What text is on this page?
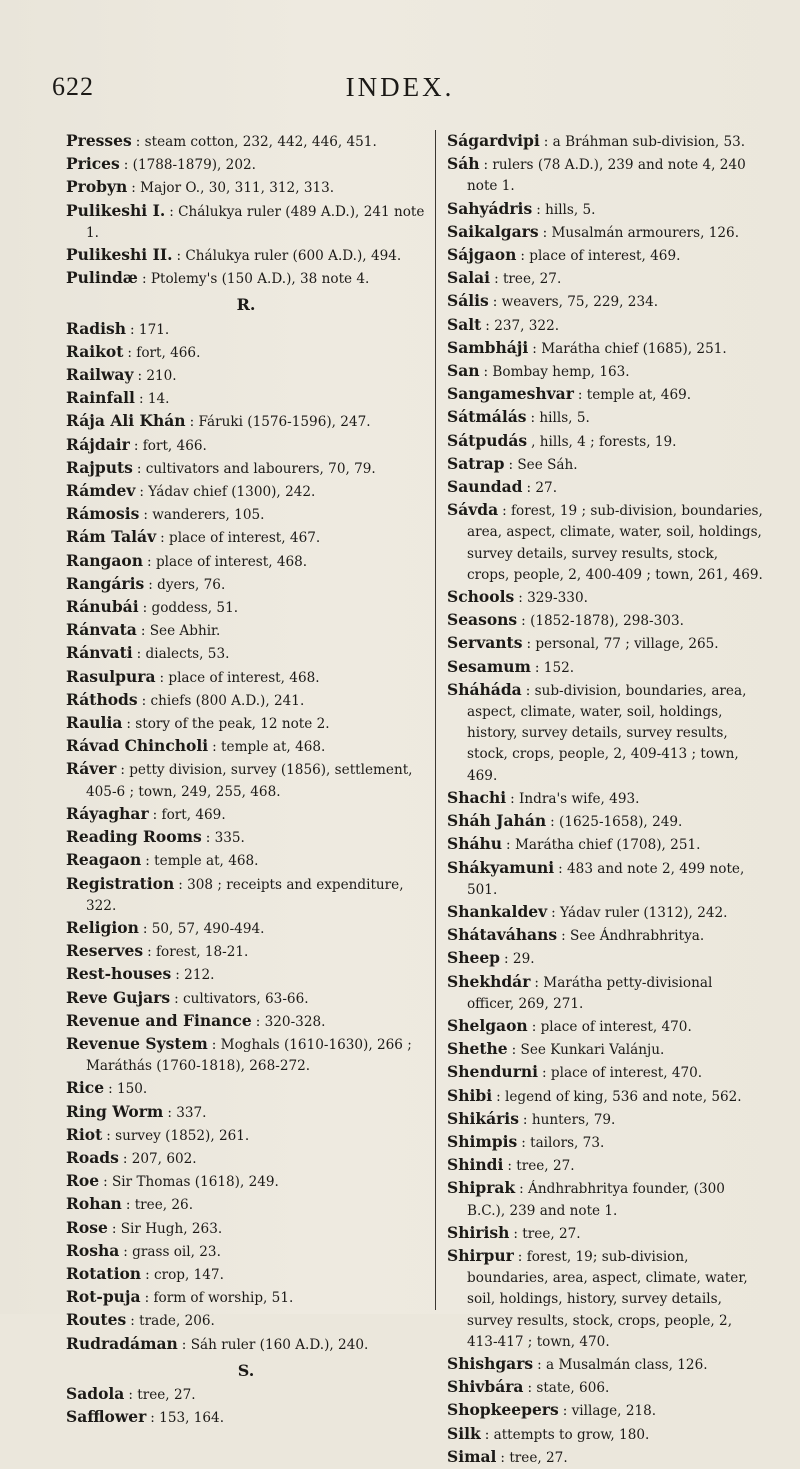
622	INDEX.
Presses : steam cotton, 232, 442, 446, 451.
Prices : (1788-1879), 202.
Probyn : Major O., 30, 311, 312, 313.
Pulikeshi I. : Chálukya ruler (489 A.D.), 241 note 1.
Pulikeshi II. : Chálukya ruler (600 A.D.), 494.
Pulindæ : Ptolemy's (150 A.D.), 38 note 4.
R.
Radish : 171.
Raikot : fort, 466.
Railway : 210.
Rainfall : 14.
Rája Ali Khán : Fáruki (1576-1596), 247.
Rájdair : fort, 466.
Rajputs : cultivators and labourers, 70, 79.
Rámdev : Yádav chief (1300), 242.
Rámosis : wanderers, 105.
Rám Taláv : place of interest, 467.
Rangaon : place of interest, 468.
Rangáris : dyers, 76.
Ránubái : goddess, 51.
Ránvata : See Abhir.
Ránvati : dialects, 53.
Rasulpura : place of interest, 468.
Ráthods : chiefs (800 A.D.), 241.
Raulia : story of the peak, 12 note 2.
Rávad Chincholi : temple at, 468.
Ráver : petty division, survey (1856), settlement, 405-6 ; town, 249, 255, 468.
Ráyaghar : fort, 469.
Reading Rooms : 335.
Reagaon : temple at, 468.
Registration : 308 ; receipts and expenditure, 322.
Religion : 50, 57, 490-494.
Reserves : forest, 18-21.
Rest-houses : 212.
Reve Gujars : cultivators, 63-66.
Revenue and Finance : 320-328.
Revenue System : Moghals (1610-1630), 266 ; Maráthás (1760-1818), 268-272.
Rice : 150.
Ring Worm : 337.
Riot : survey (1852), 261.
Roads : 207, 602.
Roe : Sir Thomas (1618), 249.
Rohan : tree, 26.
Rose : Sir Hugh, 263.
Rosha : grass oil, 23.
Rotation : crop, 147.
Rot-puja : form of worship, 51.
Routes : trade, 206.
Rudradáman : Sáh ruler (160 A.D.), 240.
S.
Sadola : tree, 27.
Safflower : 153, 164.
Ságardvipi : a Bráhman sub-division, 53.
Sáh : rulers (78 A.D.), 239 and note 4, 240 note 1.
Sahyádris : hills, 5.
Saikalgars : Musalmán armourers, 126.
Sájgaon : place of interest, 469.
Salai : tree, 27.
Sális : weavers, 75, 229, 234.
Salt : 237, 322.
Sambháji : Marátha chief (1685), 251.
San : Bombay hemp, 163.
Sangameshvar : temple at, 469.
Sátmálás : hills, 5.
Sátpudás , hills, 4 ; forests, 19.
Satrap : See Sáh.
Saundad : 27.
Sávda : forest, 19 ; sub-division, boundaries, area, aspect, climate, water, soil, holdings, survey details, survey results, stock, crops, people, 2, 400-409 ; town, 261, 469.
Schools : 329-330.
Seasons : (1852-1878), 298-303.
Servants : personal, 77 ; village, 265.
Sesamum : 152.
Sháháda : sub-division, boundaries, area, aspect, climate, water, soil, holdings, history, survey details, survey results, stock, crops, people, 2, 409-413 ; town, 469.
Shachi : Indra's wife, 493.
Sháh Jahán : (1625-1658), 249.
Sháhu : Marátha chief (1708), 251.
Shákyamuni : 483 and note 2, 499 note, 501.
Shankaldev : Yádav ruler (1312), 242.
Shátaváhans : See Ándhrabhritya.
Sheep : 29.
Shekhdár : Marátha petty-divisional officer, 269, 271.
Shelgaon : place of interest, 470.
Shethe : See Kunkari Valánju.
Shendurni : place of interest, 470.
Shibi : legend of king, 536 and note, 562.
Shikáris : hunters, 79.
Shimpis : tailors, 73.
Shindi : tree, 27.
Shiprak : Ándhrabhritya founder, (300 B.C.), 239 and note 1.
Shirish : tree, 27.
Shirpur : forest, 19; sub-division, boundaries, area, aspect, climate, water, soil, holdings, history, survey details, survey results, stock, crops, people, 2, 413-417 ; town, 470.
Shishgars : a Musalmán class, 126.
Shivbára : state, 606.
Shopkeepers : village, 218.
Silk : attempts to grow, 180.
Simal : tree, 27.
